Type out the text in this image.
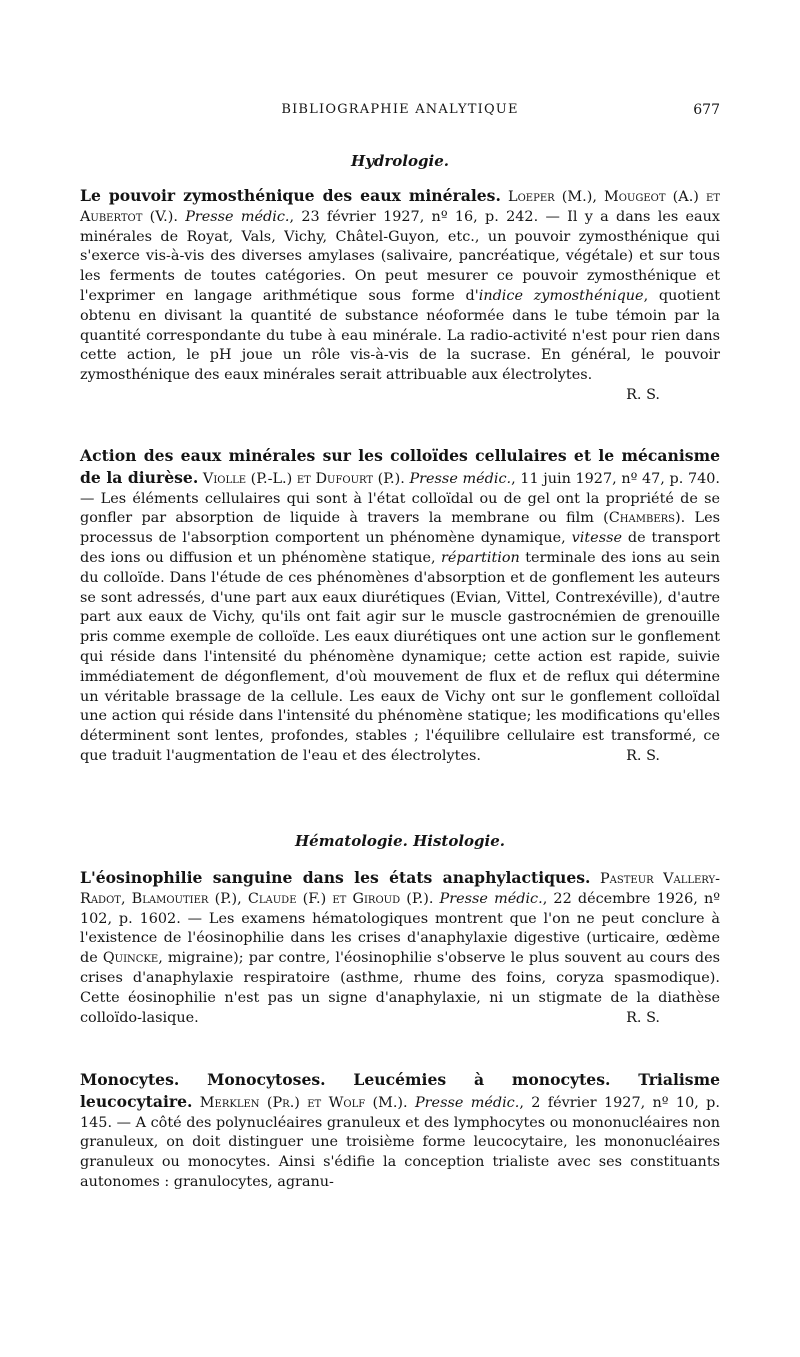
BIBLIOGRAPHIE ANALYTIQUE	677
Hydrologie.

Le pouvoir zymosthénique des eaux minérales. Loeper (M.), Mougeot (A.) et Aubertot (V.). Presse médic., 23 février 1927, nº 16, p. 242. — Il y a dans les eaux minérales de Royat, Vals, Vichy, Châtel-Guyon, etc., un pouvoir zymosthénique qui s'exerce vis-à-vis des diverses amylases (salivaire, pancréatique, végétale) et sur tous les ferments de toutes catégories. On peut mesurer ce pouvoir zymosthénique et l'exprimer en langage arithmétique sous forme d'indice zymosthénique, quotient obtenu en divisant la quantité de substance néoformée dans le tube témoin par la quantité correspondante du tube à eau minérale. La radio-activité n'est pour rien dans cette action, le pH joue un rôle vis-à-vis de la sucrase. En général, le pouvoir zymosthénique des eaux minérales serait attribuable aux électrolytes.
R. S.

Action des eaux minérales sur les colloïdes cellulaires et le mécanisme de la diurèse. Violle (P.-L.) et Dufourt (P.). Presse médic., 11 juin 1927, nº 47, p. 740. — Les éléments cellulaires qui sont à l'état colloïdal ou de gel ont la propriété de se gonfler par absorption de liquide à travers la membrane ou film (Chambers). Les processus de l'absorption comportent un phénomène dynamique, vitesse de transport des ions ou diffusion et un phénomène statique, répartition terminale des ions au sein du colloïde. Dans l'étude de ces phénomènes d'absorption et de gonflement les auteurs se sont adressés, d'une part aux eaux diurétiques (Evian, Vittel, Contrexéville), d'autre part aux eaux de Vichy, qu'ils ont fait agir sur le muscle gastrocnémien de grenouille pris comme exemple de colloïde. Les eaux diurétiques ont une action sur le gonflement qui réside dans l'intensité du phénomène dynamique; cette action est rapide, suivie immédiatement de dégonflement, d'où mouvement de flux et de reflux qui détermine un véritable brassage de la cellule. Les eaux de Vichy ont sur le gonflement colloïdal une action qui réside dans l'intensité du phénomène statique; les modifications qu'elles déterminent sont lentes, profondes, stables ; l'équilibre cellulaire est transformé, ce que traduit l'augmentation de l'eau et des électrolytes.	R. S.

Hématologie. Histologie.

L'éosinophilie sanguine dans les états anaphylactiques. Pasteur Vallery-Radot, Blamoutier (P.), Claude (F.) et Giroud (P.). Presse médic., 22 décembre 1926, nº 102, p. 1602. — Les examens hématologiques montrent que l'on ne peut conclure à l'existence de l'éosinophilie dans les crises d'anaphylaxie digestive (urticaire, œdème de Quincke, migraine); par contre, l'éosinophilie s'observe le plus souvent au cours des crises d'anaphylaxie respiratoire (asthme, rhume des foins, coryza spasmodique). Cette éosinophilie n'est pas un signe d'anaphylaxie, ni un stigmate de la diathèse colloïdo-lasique.	R. S.

Monocytes. Monocytoses. Leucémies à monocytes. Trialisme leucocytaire. Merklen (Pr.) et Wolf (M.). Presse médic., 2 février 1927, nº 10, p. 145. — A côté des polynucléaires granuleux et des lymphocytes ou mononucléaires non granuleux, on doit distinguer une troisième forme leucocytaire, les mononucléaires granuleux ou monocytes. Ainsi s'édifie la conception trialiste avec ses constituants autonomes : granulocytes, agranu-
